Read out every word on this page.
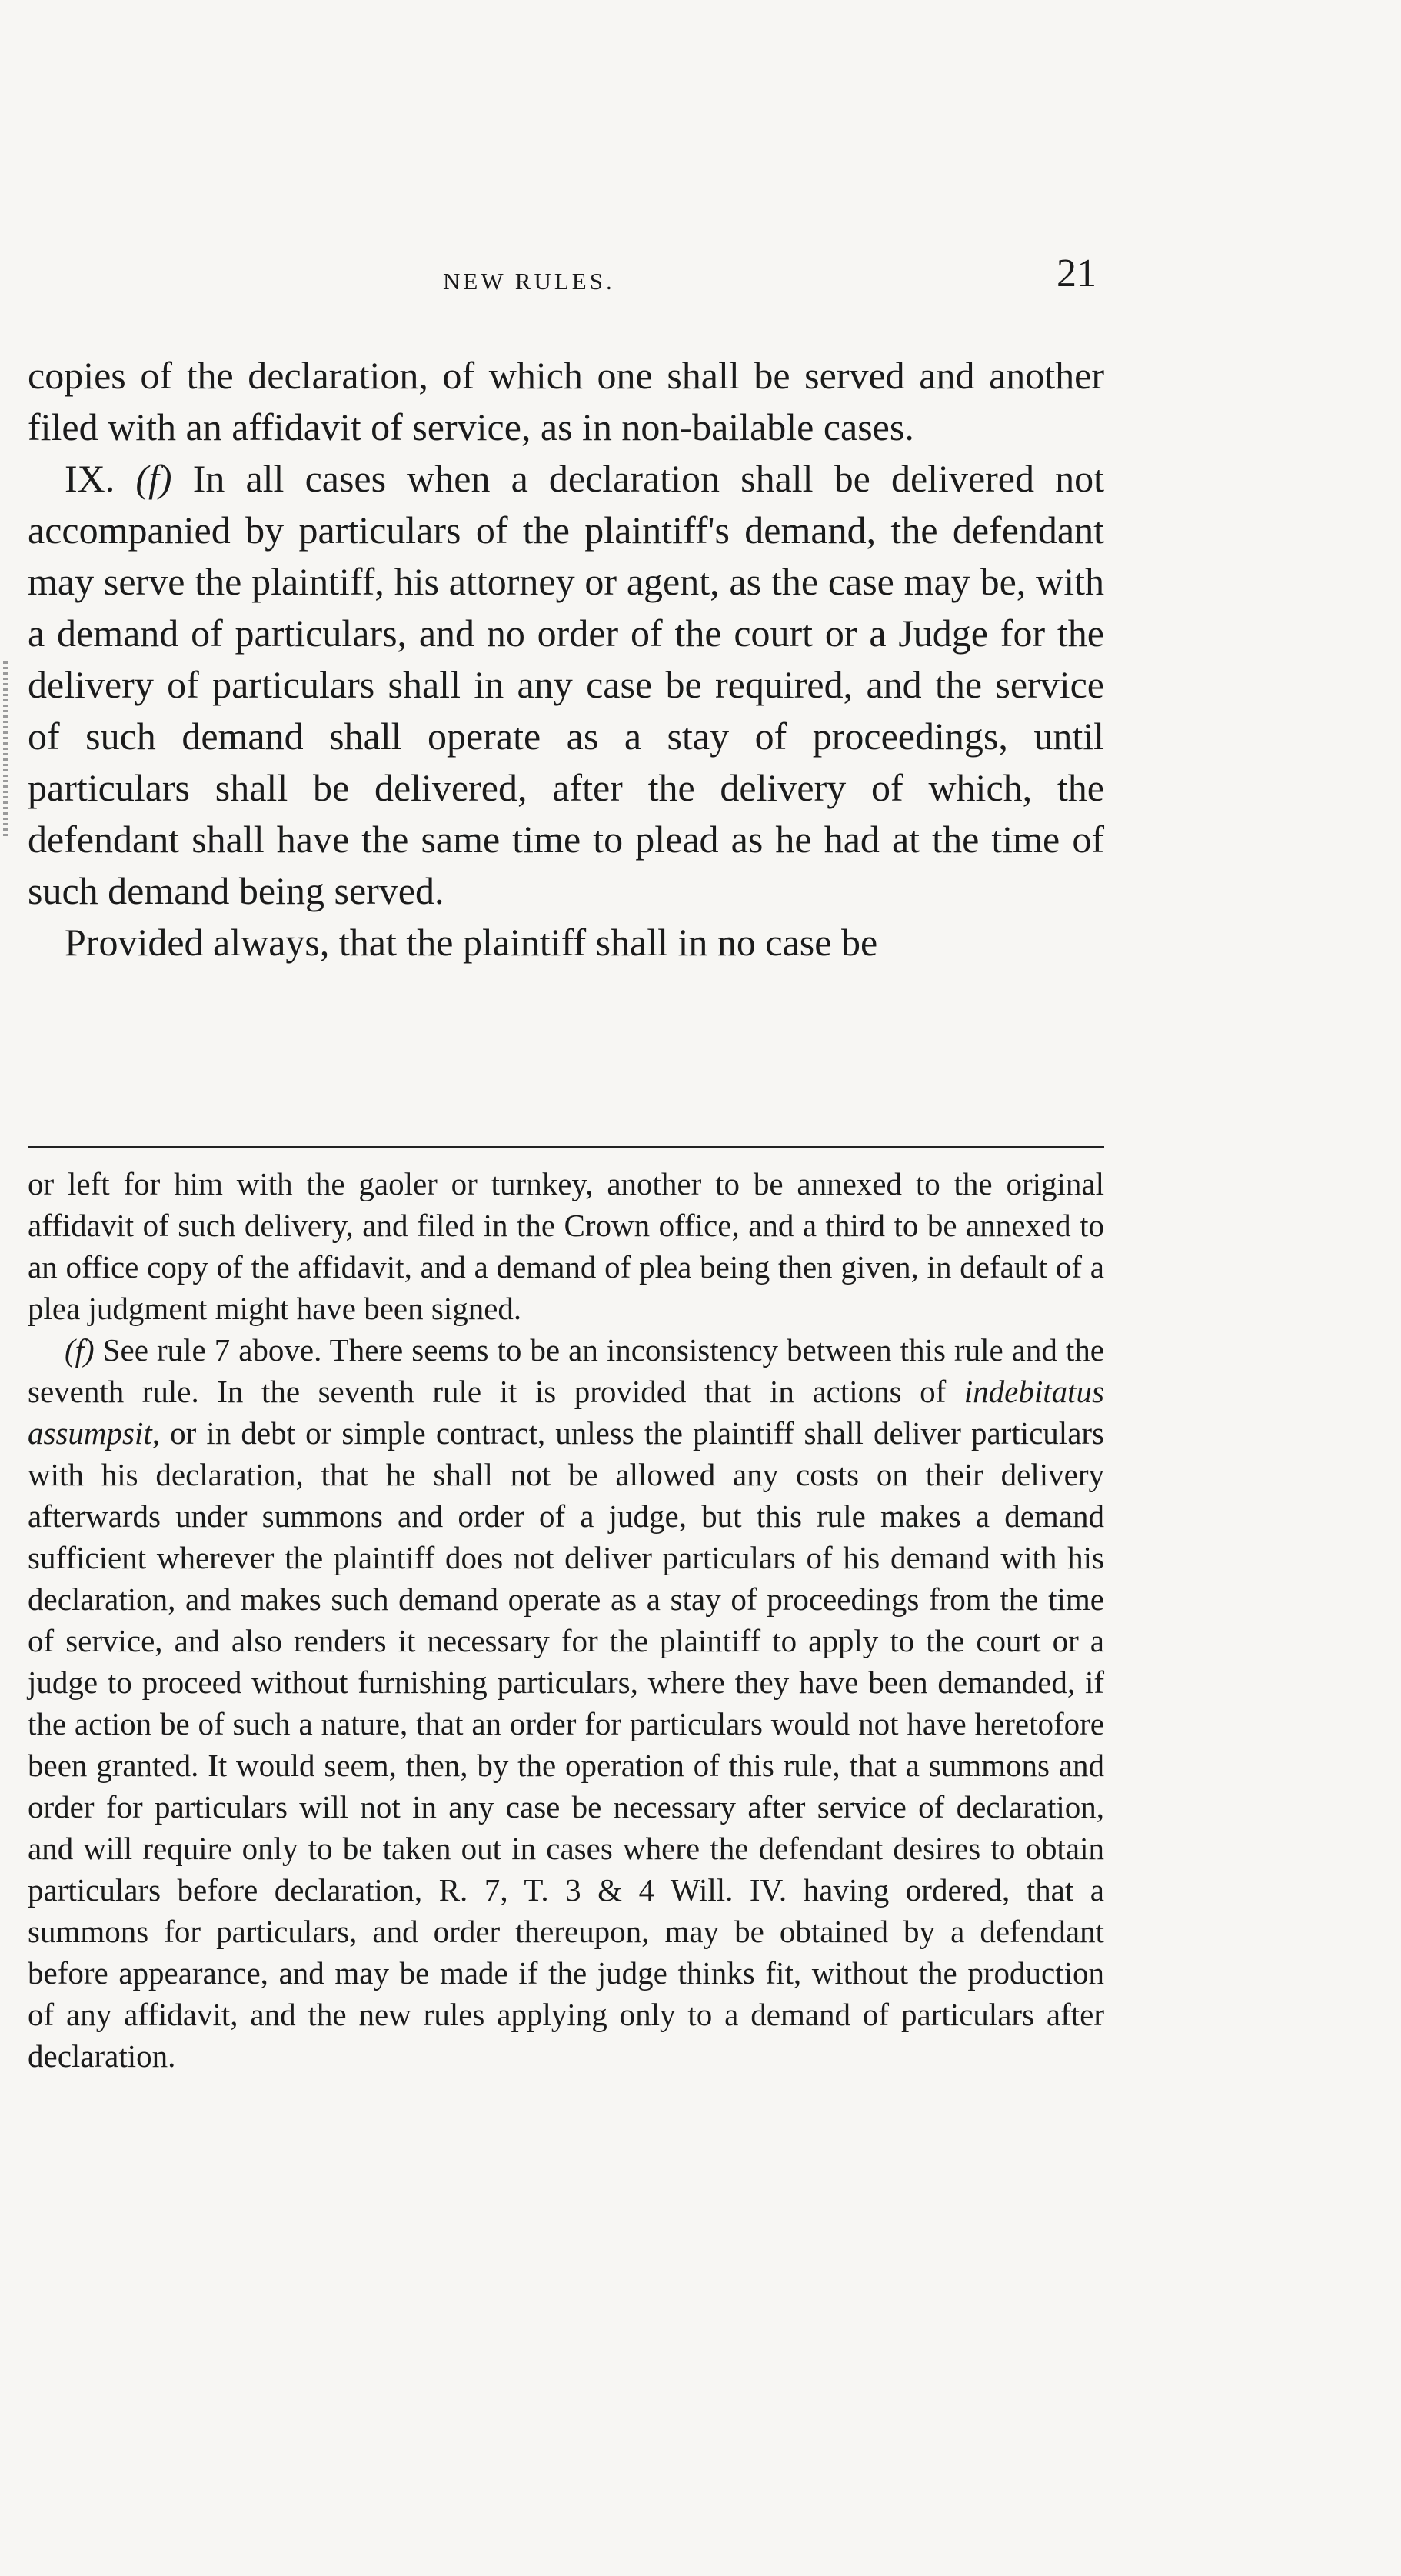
NEW RULES.	21

copies of the declaration, of which one shall be served and another filed with an affidavit of service, as in non-bailable cases.

IX. (f) In all cases when a declaration shall be delivered not accompanied by particulars of the plaintiff's demand, the defendant may serve the plaintiff, his attorney or agent, as the case may be, with a demand of particulars, and no order of the court or a Judge for the delivery of particulars shall in any case be required, and the service of such demand shall operate as a stay of proceedings, until particulars shall be delivered, after the delivery of which, the defendant shall have the same time to plead as he had at the time of such demand being served.

Provided always, that the plaintiff shall in no case be

or left for him with the gaoler or turnkey, another to be annexed to the original affidavit of such delivery, and filed in the Crown office, and a third to be annexed to an office copy of the affidavit, and a demand of plea being then given, in default of a plea judgment might have been signed.

(f) See rule 7 above. There seems to be an inconsistency between this rule and the seventh rule. In the seventh rule it is provided that in actions of indebitatus assumpsit, or in debt or simple contract, unless the plaintiff shall deliver particulars with his declaration, that he shall not be allowed any costs on their delivery afterwards under summons and order of a judge, but this rule makes a demand sufficient wherever the plaintiff does not deliver particulars of his demand with his declaration, and makes such demand operate as a stay of proceedings from the time of service, and also renders it necessary for the plaintiff to apply to the court or a judge to proceed without furnishing particulars, where they have been demanded, if the action be of such a nature, that an order for particulars would not have heretofore been granted. It would seem, then, by the operation of this rule, that a summons and order for particulars will not in any case be necessary after service of declaration, and will require only to be taken out in cases where the defendant desires to obtain particulars before declaration, R. 7, T. 3 & 4 Will. IV. having ordered, that a summons for particulars, and order thereupon, may be obtained by a defendant before appearance, and may be made if the judge thinks fit, without the production of any affidavit, and the new rules applying only to a demand of particulars after declaration.
